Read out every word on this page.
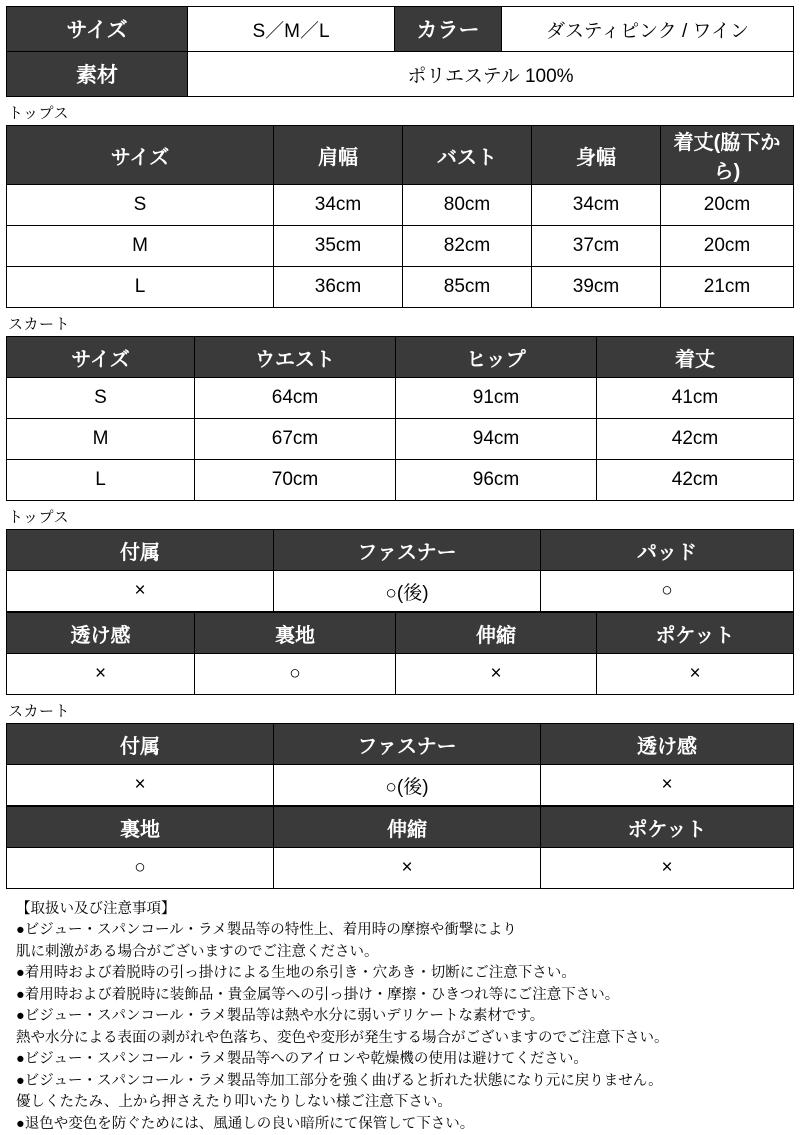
サイズ	S／M／L	カラー	ダスティピンク / ワイン
素材	ポリエステル 100%		
トップス
サイズ	肩幅	バスト	身幅	着丈(脇下から)
S	34cm	80cm	34cm	20cm
M	35cm	82cm	37cm	20cm
L	36cm	85cm	39cm	21cm
スカート
サイズ	ウエスト	ヒップ	着丈
S	64cm	91cm	41cm
M	67cm	94cm	42cm
L	70cm	96cm	42cm
トップス
付属	ファスナー	パッド
×	○(後)	○
透け感	裏地	伸縮	ポケット
×	○	×	×
スカート
付属	ファスナー	透け感
×	○(後)	×
裏地	伸縮	ポケット
○	×	×
【取扱い及び注意事項】
●ビジュー・スパンコール・ラメ製品等の特性上、着用時の摩擦や衝撃により
肌に刺激がある場合がございますのでご注意ください。
●着用時および着脱時の引っ掛けによる生地の糸引き・穴あき・切断にご注意下さい。
●着用時および着脱時に装飾品・貴金属等への引っ掛け・摩擦・ひきつれ等にご注意下さい。
●ビジュー・スパンコール・ラメ製品等は熱や水分に弱いデリケートな素材です。
熱や水分による表面の剥がれや色落ち、変色や変形が発生する場合がございますのでご注意下さい。
●ビジュー・スパンコール・ラメ製品等へのアイロンや乾燥機の使用は避けてください。
●ビジュー・スパンコール・ラメ製品等加工部分を強く曲げると折れた状態になり元に戻りません。
優しくたたみ、上から押さえたり叩いたりしない様ご注意下さい。
●退色や変色を防ぐためには、風通しの良い暗所にて保管して下さい。
